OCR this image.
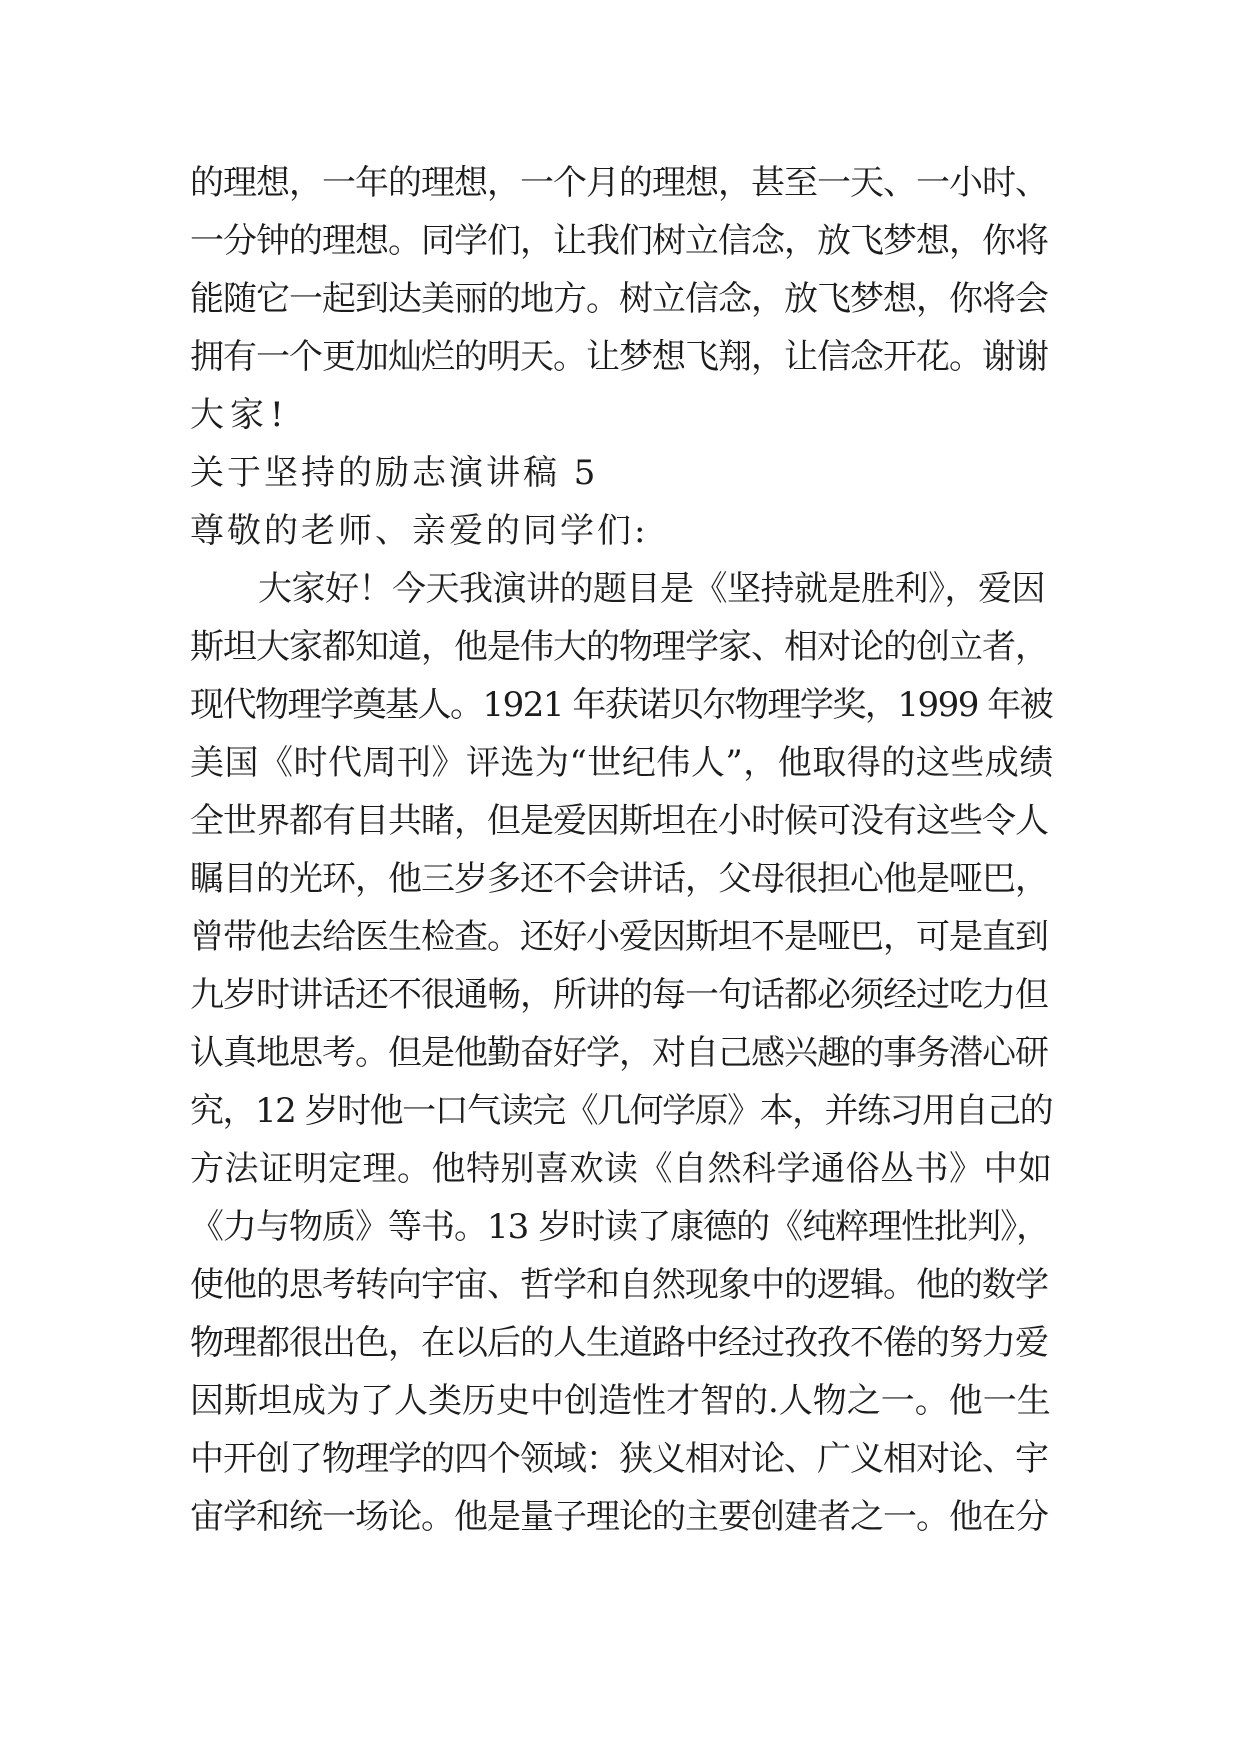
的理想，一年的理想，一个月的理想，甚至一天、一小时、
一分钟的理想。同学们，让我们树立信念，放飞梦想，你将
能随它一起到达美丽的地方。树立信念，放飞梦想，你将会
拥有一个更加灿烂的明天。让梦想飞翔，让信念开花。谢谢
大家!
关于坚持的励志演讲稿 5
尊敬的老师、亲爱的同学们:
大家好！今天我演讲的题目是《坚持就是胜利》，爱因
斯坦大家都知道，他是伟大的物理学家、相对论的创立者，
现代物理学奠基人。1921 年获诺贝尔物理学奖，1999 年被
美国《时代周刊》评选为“世纪伟人”，他取得的这些成绩
全世界都有目共睹，但是爱因斯坦在小时候可没有这些令人
瞩目的光环，他三岁多还不会讲话，父母很担心他是哑巴，
曾带他去给医生检查。还好小爱因斯坦不是哑巴，可是直到
九岁时讲话还不很通畅，所讲的每一句话都必须经过吃力但
认真地思考。但是他勤奋好学，对自己感兴趣的事务潜心研
究，12 岁时他一口气读完《几何学原》本，并练习用自己的
方法证明定理。他特别喜欢读《自然科学通俗丛书》中如
《力与物质》等书。13 岁时读了康德的《纯粹理性批判》，
使他的思考转向宇宙、哲学和自然现象中的逻辑。他的数学
物理都很出色，在以后的人生道路中经过孜孜不倦的努力爱
因斯坦成为了人类历史中创造性才智的.人物之一。他一生
中开创了物理学的四个领域：狭义相对论、广义相对论、宇
宙学和统一场论。他是量子理论的主要创建者之一。他在分
